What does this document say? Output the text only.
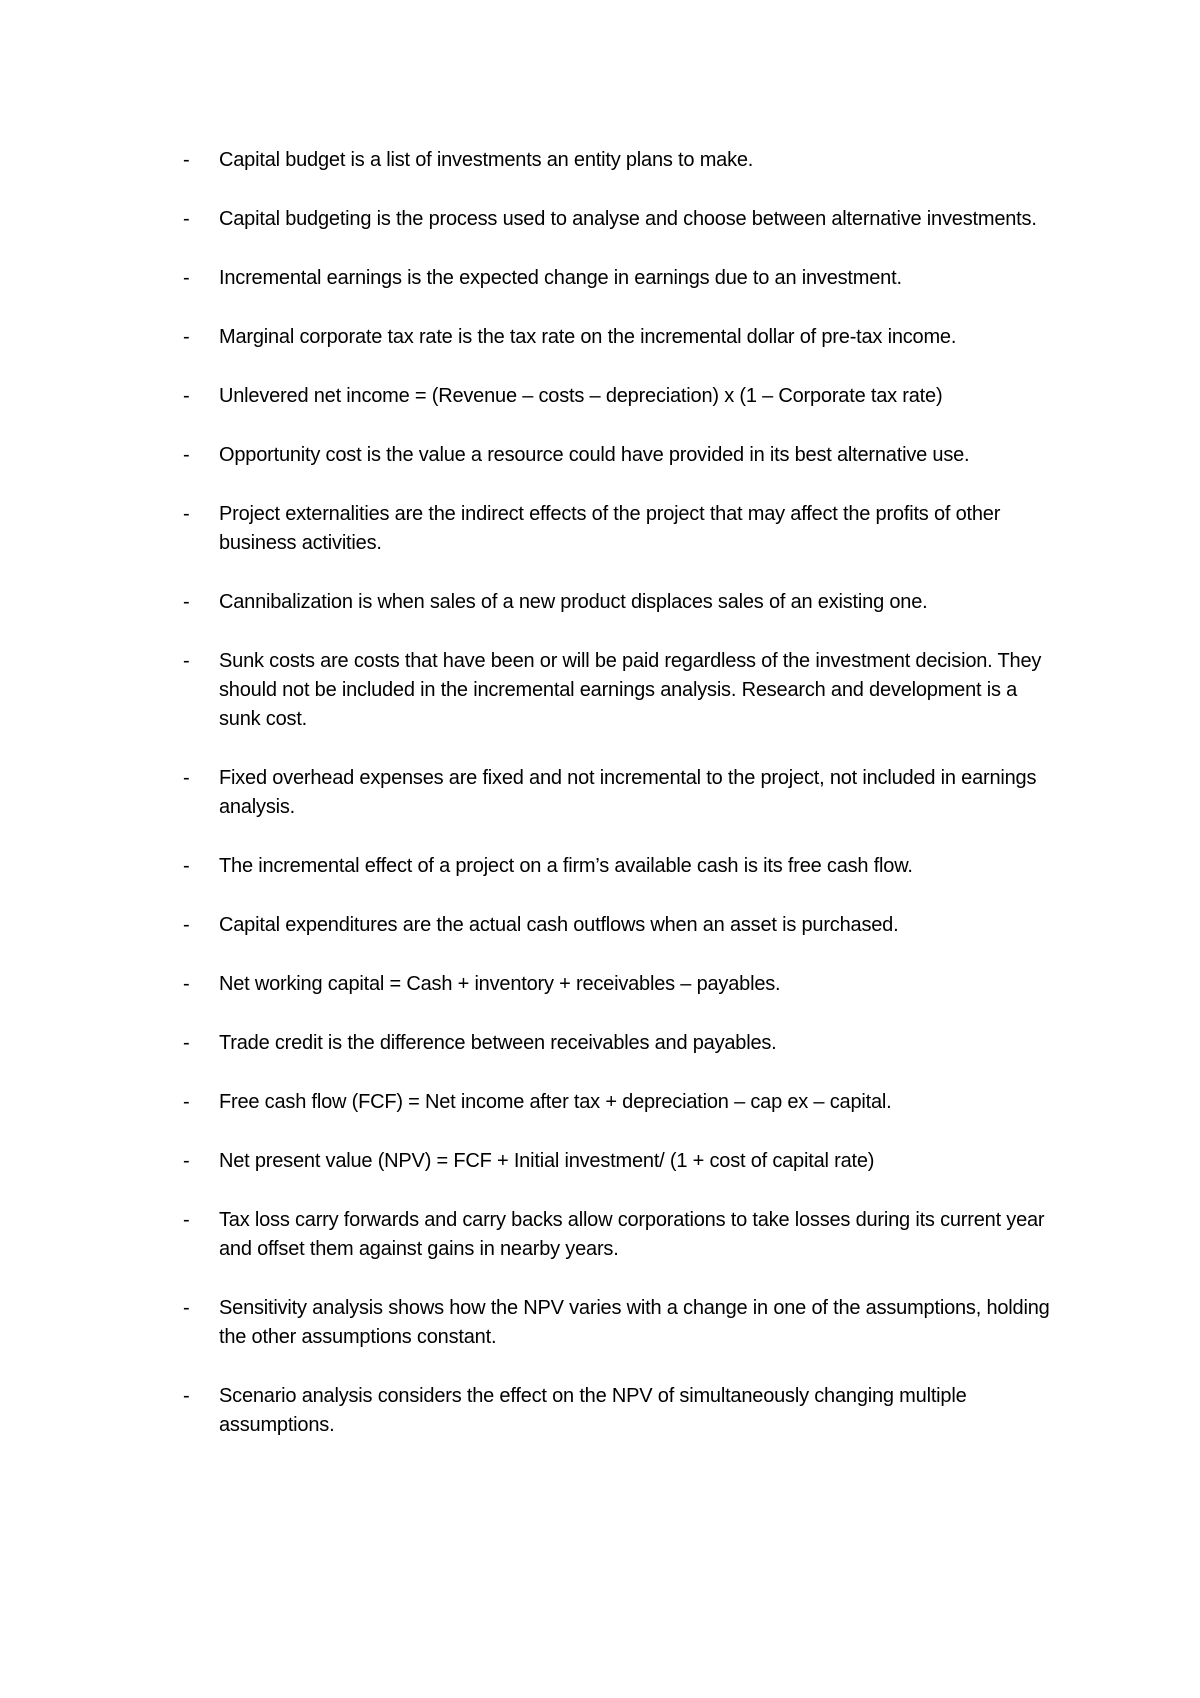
-	Capital budget is a list of investments an entity plans to make.
-	Capital budgeting is the process used to analyse and choose between alternative investments.
-	Incremental earnings is the expected change in earnings due to an investment.
-	Marginal corporate tax rate is the tax rate on the incremental dollar of pre-tax income.
-	Unlevered net income = (Revenue – costs – depreciation) x (1 – Corporate tax rate)
-	Opportunity cost is the value a resource could have provided in its best alternative use.
-	Project externalities are the indirect effects of the project that may affect the profits of other business activities.
-	Cannibalization is when sales of a new product displaces sales of an existing one.
-	Sunk costs are costs that have been or will be paid regardless of the investment decision. They should not be included in the incremental earnings analysis. Research and development is a sunk cost.
-	Fixed overhead expenses are fixed and not incremental to the project, not included in earnings analysis.
-	The incremental effect of a project on a firm’s available cash is its free cash flow.
-	Capital expenditures are the actual cash outflows when an asset is purchased.
-	Net working capital = Cash + inventory + receivables – payables.
-	Trade credit is the difference between receivables and payables.
-	Free cash flow (FCF) = Net income after tax + depreciation – cap ex – capital.
-	Net present value (NPV) = FCF + Initial investment/ (1 + cost of capital rate)
-	Tax loss carry forwards and carry backs allow corporations to take losses during its current year and offset them against gains in nearby years.
-	Sensitivity analysis shows how the NPV varies with a change in one of the assumptions, holding the other assumptions constant.
-	Scenario analysis considers the effect on the NPV of simultaneously changing multiple assumptions.
